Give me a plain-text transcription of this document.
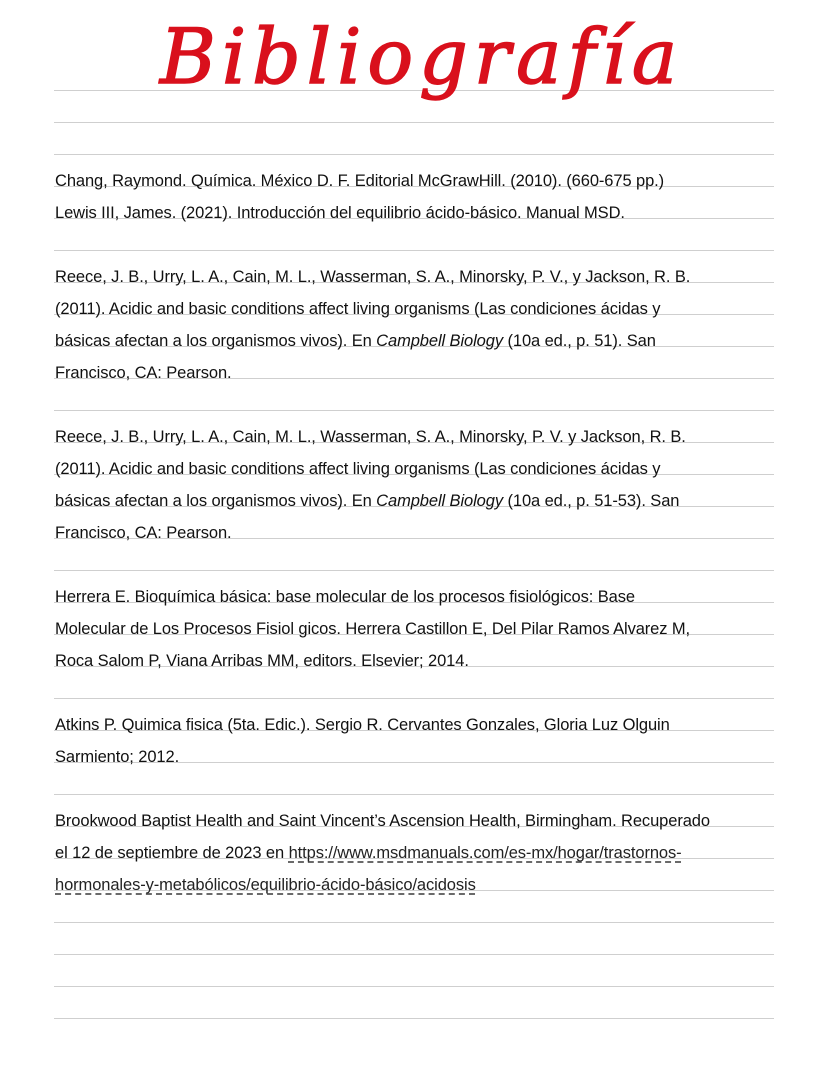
Bibliografía
Chang, Raymond. Química. México D. F. Editorial McGrawHill. (2010). (660-675 pp.)
Lewis III, James. (2021). Introducción del equilibrio ácido-básico. Manual MSD.
Reece, J. B., Urry, L. A., Cain, M. L., Wasserman, S. A., Minorsky, P. V., y Jackson, R. B.
(2011). Acidic and basic conditions affect living organisms (Las condiciones ácidas y
básicas afectan a los organismos vivos). En Campbell Biology (10a ed., p. 51). San
Francisco, CA: Pearson.
Reece, J. B., Urry, L. A., Cain, M. L., Wasserman, S. A., Minorsky, P. V. y Jackson, R. B.
(2011). Acidic and basic conditions affect living organisms (Las condiciones ácidas y
básicas afectan a los organismos vivos). En Campbell Biology (10a ed., p. 51-53). San
Francisco, CA: Pearson.
Herrera E. Bioquímica básica: base molecular de los procesos fisiológicos: Base
Molecular de Los Procesos Fisiol gicos. Herrera Castillon E, Del Pilar Ramos Alvarez M,
Roca Salom P, Viana Arribas MM, editors. Elsevier; 2014.
Atkins P. Quimica fisica (5ta. Edic.). Sergio R. Cervantes Gonzales, Gloria Luz Olguin
Sarmiento; 2012.
Brookwood Baptist Health and Saint Vincent’s Ascension Health, Birmingham. Recuperado
el 12 de septiembre de 2023 en https://www.msdmanuals.com/es-mx/hogar/trastornos-
hormonales-y-metabólicos/equilibrio-ácido-básico/acidosis
